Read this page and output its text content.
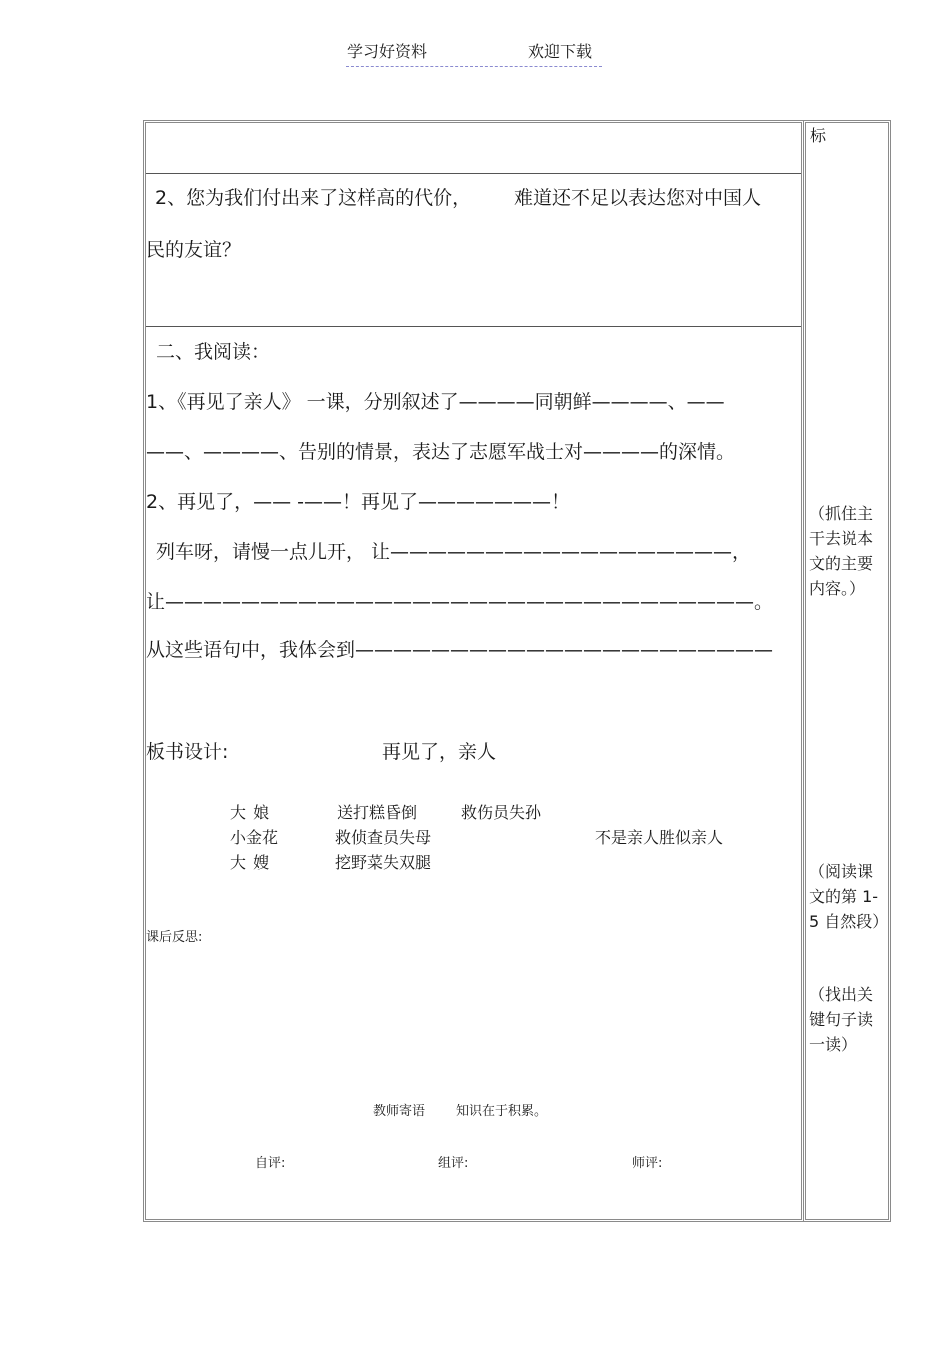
学习好资料	欢迎下载
标
2、您为我们付出来了这样高的代价， 难道还不足以表达您对中国人
民的友谊？
二、我阅读：
1、《再见了亲人》 一课，分别叙述了————同朝鲜————、——
——、————、告别的情景，表达了志愿军战士对————的深情。
2、再见了，—— -——！再见了———————！
列车呀，请慢一点儿开， 让——————————————————，
让———————————————————————————————。
从这些语句中，我体会到——————————————————————
板书设计:	再见了，亲人
大 娘	送打糕昏倒	救伤员失孙
小金花	救侦查员失母	不是亲人胜似亲人
大 嫂	挖野菜失双腿
课后反思:
教师寄语 知识在于积累。
自评:	组评:	师评:
（抓住主干去说本文的主要内容。）
（阅读课文的第 1-5 自然段）
（找出关键句子读一读）
